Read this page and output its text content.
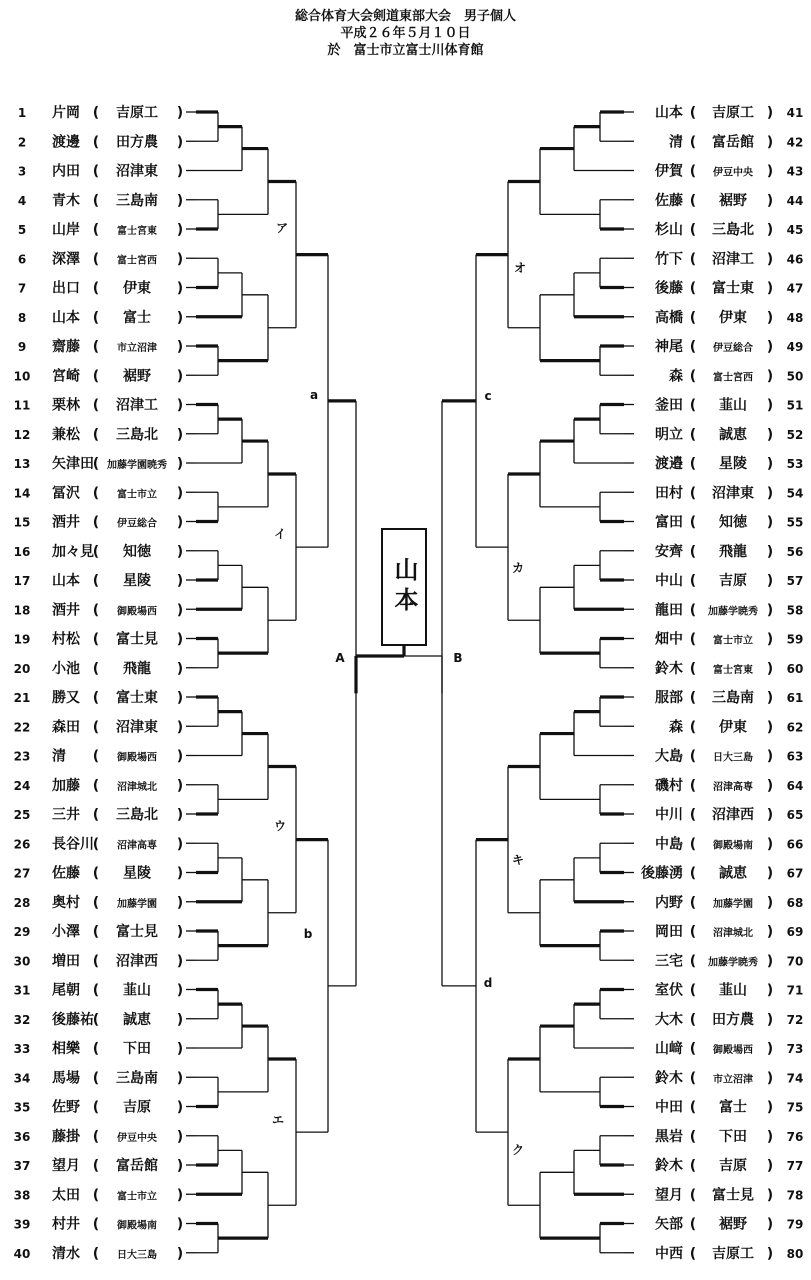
総合体育大会剣道東部大会　男子個人
平成２６年５月１０日
於　富士市立富士川体育館
1 片岡 ( 吉原工 )
2 渡邊 ( 田方農 )
3 内田 ( 沼津東 )
4 青木 ( 三島南 )
5 山岸 ( 富士宮東 )
6 深澤 ( 富士宮西 )
7 出口 ( 伊東 )
8 山本 ( 富士 )
9 齋藤 ( 市立沼津 )
10 宮崎 ( 裾野 )
11 栗林 ( 沼津工 )
12 兼松 ( 三島北 )
13 矢津田
( 加藤学園暁秀 )
14 冨沢 ( 富士市立 )
15 酒井 ( 伊豆総合 )
16 加々見
( 知徳 )
17 山本 ( 星陵 )
18 酒井 ( 御殿場西 )
19 村松 ( 富士見 )
20 小池 ( 飛龍 )
21 勝又 ( 富士東 )
22 森田 ( 沼津東 )
23 清 ( 御殿場西 )
24 加藤 ( 沼津城北 )
25 三井 ( 三島北 )
26 長谷川
( 沼津高専 )
27 佐藤 ( 星陵 )
28 奥村 ( 加藤学園 )
29 小澤 ( 富士見 )
30 増田 ( 沼津西 )
31 尾朝 ( 韮山 )
32 後藤祐
( 誠恵 )
33 相樂 ( 下田 )
34 馬場 ( 三島南 )
35 佐野 ( 吉原 )
36 藤掛 ( 伊豆中央 )
37 望月 ( 富岳館 )
38 太田 ( 富士市立 )
39 村井 ( 御殿場南 )
40 清水 ( 日大三島 )
山本 ( 吉原工 ) 41
清 ( 富岳館 ) 42
伊賀 ( 伊豆中央 ) 43
佐藤 ( 裾野 ) 44
杉山 ( 三島北 ) 45
竹下 ( 沼津工 ) 46
後藤 ( 富士東 ) 47
高橋 ( 伊東 ) 48
神尾 ( 伊豆総合 ) 49
森 ( 富士宮西 ) 50
釜田 ( 韮山 ) 51
明立 ( 誠恵 ) 52
渡邉 ( 星陵 ) 53
田村 ( 沼津東 ) 54
富田 ( 知徳 ) 55
安齊 ( 飛龍 ) 56
中山 ( 吉原 ) 57
龍田 ( 加藤学暁秀 ) 58
畑中 ( 富士市立 ) 59
鈴木 ( 富士宮東 ) 60
服部 ( 三島南 ) 61
森 ( 伊東 ) 62
大島 ( 日大三島 ) 63
磯村 ( 沼津高専 ) 64
中川 ( 沼津西 ) 65
中島 ( 御殿場南 ) 66
後藤湧 ( 誠恵 ) 67
内野 ( 加藤学園 ) 68
岡田 ( 沼津城北 ) 69
三宅 ( 加藤学暁秀 ) 70
室伏 ( 韮山 ) 71
大木 ( 田方農 ) 72
山﨑 ( 御殿場西 ) 73
鈴木 ( 市立沼津 ) 74
中田 ( 富士 ) 75
黒岩 ( 下田 ) 76
鈴木 ( 吉原 ) 77
望月 ( 富士見 ) 78
矢部 ( 裾野 ) 79
中西 ( 吉原工 ) 80
A	B
a
b
c
d
ア
イ
ウ
エ
オ
カ
キ
ク
山本
